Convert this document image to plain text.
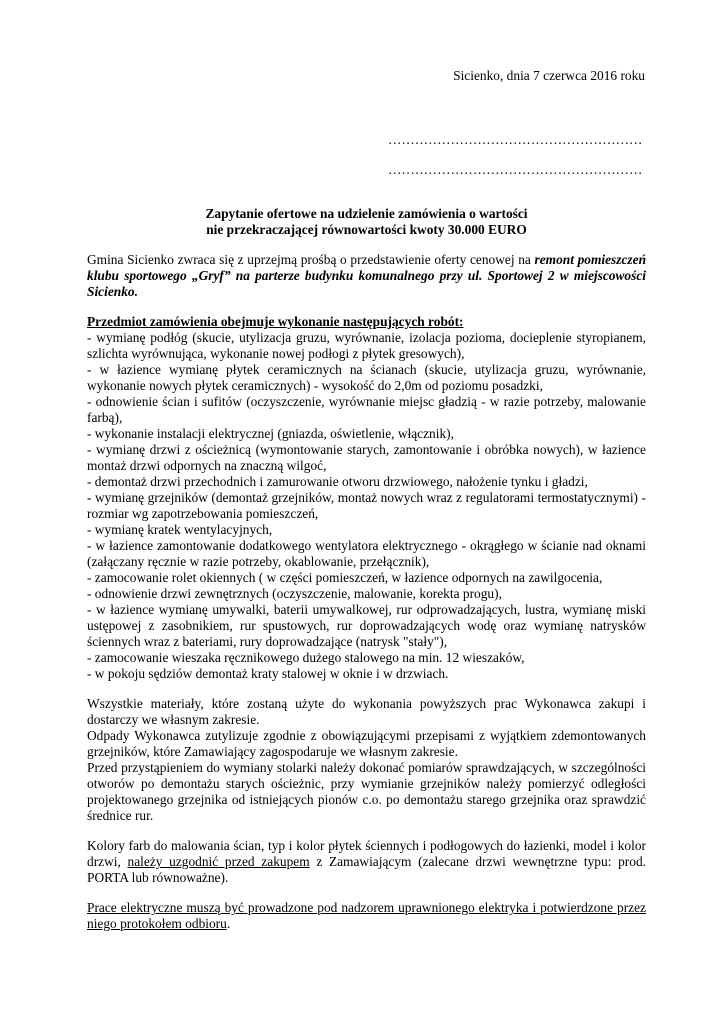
Sicienko, dnia 7 czerwca 2016 roku
…………………………………………………
…………………………………………………
Zapytanie ofertowe na udzielenie zamówienia o wartości
nie przekraczającej równowartości kwoty 30.000 EURO
Gmina Sicienko zwraca się z uprzejmą prośbą o przedstawienie oferty cenowej na remont pomieszczeń
klubu sportowego „Gryf” na parterze budynku komunalnego przy ul. Sportowej 2 w miejscowości
Sicienko.
Przedmiot zamówienia obejmuje wykonanie następujących robót:
- wymianę podłóg (skucie, utylizacja gruzu, wyrównanie, izolacja pozioma, docieplenie styropianem,
szlichta wyrównująca, wykonanie nowej podłogi z płytek gresowych),
- w łazience wymianę płytek ceramicznych na ścianach (skucie, utylizacja gruzu, wyrównanie,
wykonanie nowych płytek ceramicznych) - wysokość do 2,0m od poziomu posadzki,
- odnowienie ścian i sufitów (oczyszczenie, wyrównanie miejsc gładzią - w razie potrzeby, malowanie
farbą),
- wykonanie instalacji elektrycznej (gniazda, oświetlenie, włącznik),
- wymianę drzwi z ościeżnicą (wymontowanie starych, zamontowanie i obróbka nowych), w łazience
montaż drzwi odpornych na znaczną wilgoć,
- demontaż drzwi przechodnich i zamurowanie otworu drzwiowego, nałożenie tynku i gładzi,
- wymianę grzejników (demontaż grzejników, montaż nowych wraz z regulatorami termostatycznymi) -
rozmiar wg zapotrzebowania pomieszczeń,
- wymianę kratek wentylacyjnych,
- w łazience zamontowanie dodatkowego wentylatora elektrycznego - okrągłego w ścianie nad oknami
(załączany ręcznie w razie potrzeby, okablowanie, przełącznik),
- zamocowanie rolet okiennych ( w części pomieszczeń, w łazience odpornych na zawilgocenia,
- odnowienie drzwi zewnętrznych (oczyszczenie, malowanie, korekta progu),
- w łazience wymianę umywalki, baterii umywalkowej, rur odprowadzających, lustra, wymianę miski
ustępowej z zasobnikiem, rur spustowych, rur doprowadzających wodę oraz wymianę natrysków
ściennych wraz z bateriami, rury doprowadzające (natrysk "stały"),
- zamocowanie wieszaka ręcznikowego dużego stalowego na min. 12 wieszaków,
- w pokoju sędziów demontaż kraty stalowej w oknie i w drzwiach.
Wszystkie materiały, które zostaną użyte do wykonania powyższych prac Wykonawca zakupi i
dostarczy we własnym zakresie.
Odpady Wykonawca zutylizuje zgodnie z obowiązującymi przepisami z wyjątkiem zdemontowanych
grzejników, które Zamawiający zagospodaruje we własnym zakresie.
Przed przystąpieniem do wymiany stolarki należy dokonać pomiarów sprawdzających, w szczególności
otworów po demontażu starych ościeżnic, przy wymianie grzejników należy pomierzyć odległości
projektowanego grzejnika od istniejących pionów c.o. po demontażu starego grzejnika oraz sprawdzić
średnice rur.
Kolory farb do malowania ścian, typ i kolor płytek ściennych i podłogowych do łazienki, model i kolor
drzwi, należy uzgodnić przed zakupem z Zamawiającym (zalecane drzwi wewnętrzne typu: prod.
PORTA lub równoważne).
Prace elektryczne muszą być prowadzone pod nadzorem uprawnionego elektryka i potwierdzone przez
niego protokołem odbioru.
